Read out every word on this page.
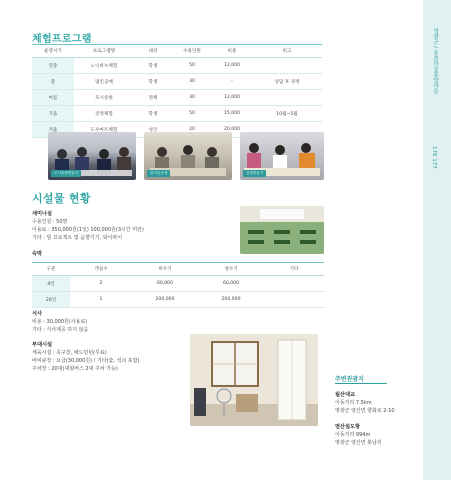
체험프로그램
운영시기	프로그램명	대상	수용인원	비용	비고
연중	노니바누체험	학생	50	12,000	
봄	냅킨공예	학생	30	-	상담 후 경정
여름	모시송편	전체	30	12,000	
가을	강정체험	학생	50	15,000	10월~5월
겨울	도우마트체험	성인	20	20,000	
모시송편만들기	한지등공예	강정만들기
시설물 현황
세미나실
수용인원 : 50명
이용료 : 350,000원(1일) 100,000원(3시간 미만)
기타 : 빔 프로젝트 및 음향기기, 와이파이
숙박
구분	객실수	비수기	성수기	기타
4인	2	60,000	60,000	
20인	1	200,000	200,000	
식사
비용 : 30,000원(사용료)
기타 : 식사제공 하지 않음
부대시설
체육시설 : 족구장, 배드민턴(무료)
바비큐장 : 요금(30,000원) / 기타(숯, 석쇠 포함)
주차장 : 20대(대형버스 2대 주차 가능)
주변관광지
웜산대교
이동거리 7.5km
영광군 염산면 향화로 2-10
염산설도항
이동거리 994m
영광군 염산면 봉남리
영광군 / 웅촌마을휴양마을
176 177
